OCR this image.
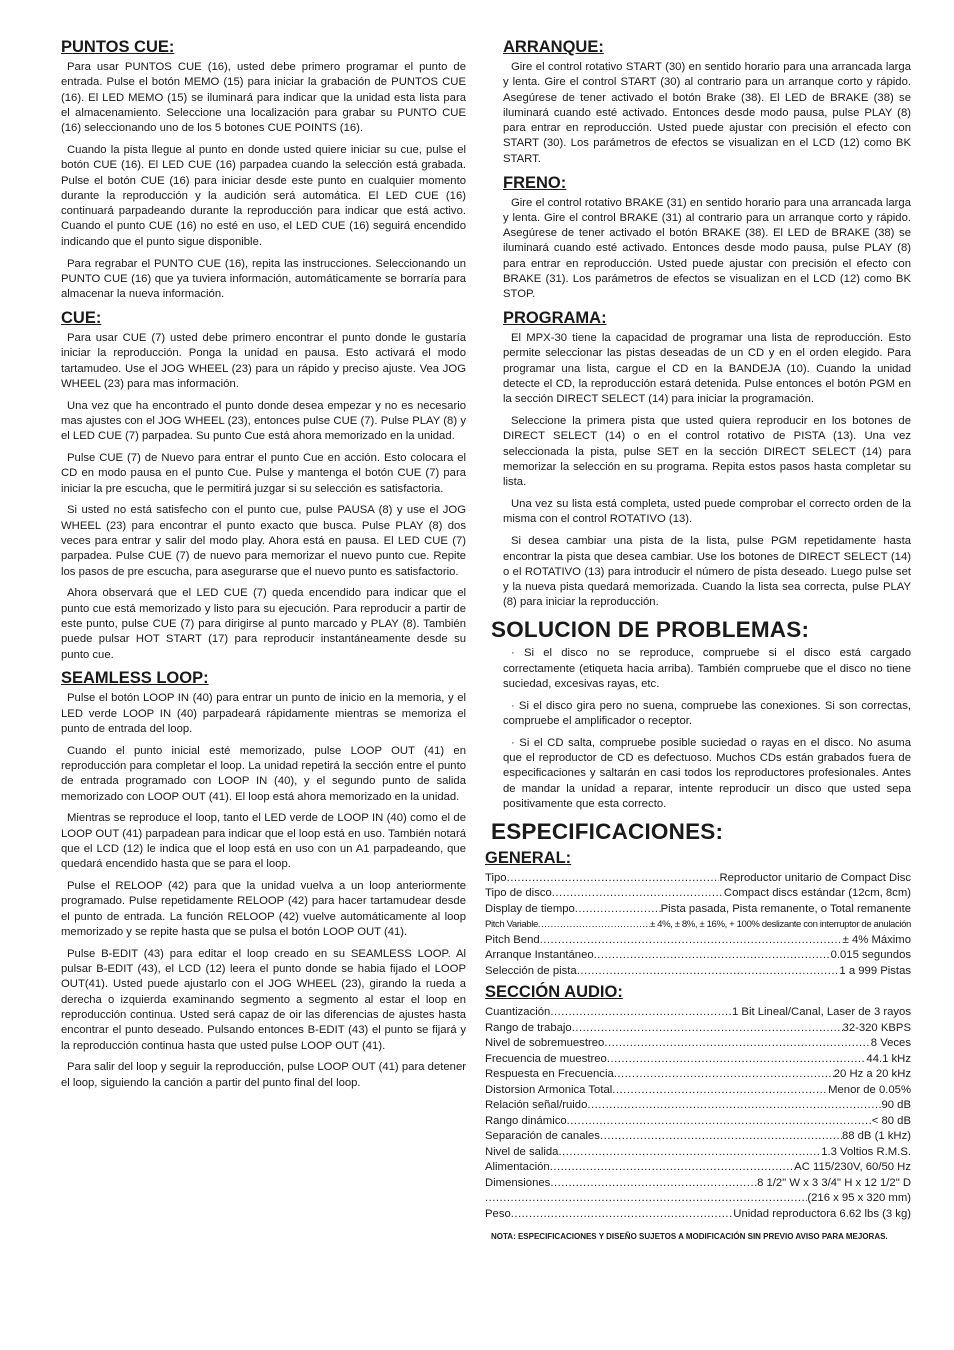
PUNTOS CUE:

Para usar PUNTOS CUE (16), usted debe primero programar el punto de entrada. Pulse el botón MEMO (15) para iniciar la grabación de PUNTOS CUE (16). El LED MEMO (15) se iluminará para indicar que la unidad esta lista para el almacenamiento. Seleccione una localización para grabar su PUNTO CUE (16) seleccionando uno de los 5 botones CUE POINTS (16).

Cuando la pista llegue al punto en donde usted quiere iniciar su cue, pulse el botón CUE (16). El LED CUE (16) parpadea cuando la selección está grabada. Pulse el botón CUE (16) para iniciar desde este punto en cualquier momento durante la reproducción y la audición será automática. El LED CUE (16) continuará parpadeando durante la reproducción para indicar que está activo. Cuando el punto CUE (16) no esté en uso, el LED CUE (16) seguirá encendido indicando que el punto sigue disponible.

Para regrabar el PUNTO CUE (16), repita las instrucciones. Seleccionando un PUNTO CUE (16) que ya tuviera información, automáticamente se borraría para almacenar la nueva información.

CUE:

Para usar CUE (7) usted debe primero encontrar el punto donde le gustaría iniciar la reproducción. Ponga la unidad en pausa. Esto activará el modo tartamudeo. Use el JOG WHEEL (23) para un rápido y preciso ajuste. Vea JOG WHEEL (23) para mas información.

Una vez que ha encontrado el punto donde desea empezar y no es necesario mas ajustes con el JOG WHEEL (23), entonces pulse CUE (7). Pulse PLAY (8) y el LED CUE (7) parpadea. Su punto Cue está ahora memorizado en la unidad.

Pulse CUE (7) de Nuevo para entrar el punto Cue en acción. Esto colocara el CD en modo pausa en el punto Cue. Pulse y mantenga el botón CUE (7) para iniciar la pre escucha, que le permitirá juzgar si su selección es satisfactoria.

Si usted no está satisfecho con el punto cue, pulse PAUSA (8) y use el JOG WHEEL (23) para encontrar el punto exacto que busca. Pulse PLAY (8) dos veces para entrar y salir del modo play. Ahora está en pausa. El LED CUE (7) parpadea. Pulse CUE (7) de nuevo para memorizar el nuevo punto cue. Repite los pasos de pre escucha, para asegurarse que el nuevo punto es satisfactorio.

Ahora observará que el LED CUE (7) queda encendido para indicar que el punto cue está memorizado y listo para su ejecución. Para reproducir a partir de este punto, pulse CUE (7) para dirigirse al punto marcado y PLAY (8). También puede pulsar HOT START (17) para reproducir instantáneamente desde su punto cue.

SEAMLESS LOOP:

Pulse el botón LOOP IN (40) para entrar un punto de inicio en la memoria, y el LED verde LOOP IN (40) parpadeará rápidamente mientras se memoriza el punto de entrada del loop.

Cuando el punto inicial esté memorizado, pulse LOOP OUT (41) en reproducción para completar el loop. La unidad repetirá la sección entre el punto de entrada programado con LOOP IN (40), y el segundo punto de salida memorizado con LOOP OUT (41). El loop está ahora memorizado en la unidad.

Mientras se reproduce el loop, tanto el LED verde de LOOP IN (40) como el de LOOP OUT (41) parpadean para indicar que el loop está en uso. También notará que el LCD (12) le indica que el loop está en uso con un A1 parpadeando, que quedará encendido hasta que se para el loop.

Pulse el RELOOP (42) para que la unidad vuelva a un loop anteriormente programado. Pulse repetidamente RELOOP (42) para hacer tartamudear desde el punto de entrada. La función RELOOP (42) vuelve automáticamente al loop memorizado y se repite hasta que se pulsa el botón LOOP OUT (41).

Pulse B-EDIT (43) para editar el loop creado en su SEAMLESS LOOP. Al pulsar B-EDIT (43), el LCD (12) leera el punto donde se habia fijado el LOOP OUT(41). Usted puede ajustarlo con el JOG WHEEL (23), girando la rueda a derecha o izquierda examinando segmento a segmento al estar el loop en reproducción continua. Usted será capaz de oir las diferencias de ajustes hasta encontrar el punto deseado. Pulsando entonces B-EDIT (43) el punto se fijará y la reproducción continua hasta que usted pulse LOOP OUT (41).

Para salir del loop y seguir la reproducción, pulse LOOP OUT (41) para detener el loop, siguiendo la canción a partir del punto final del loop.

ARRANQUE:

Gire el control rotativo START (30) en sentido horario para una arrancada larga y lenta. Gire el control START (30) al contrario para un arranque corto y rápido. Asegúrese de tener activado el botón Brake (38). El LED de BRAKE (38) se iluminará cuando esté activado. Entonces desde modo pausa, pulse PLAY (8) para entrar en reproducción. Usted puede ajustar con precisión el efecto con START (30). Los parámetros de efectos se visualizan en el LCD (12) como BK START.

FRENO:

Gire el control rotativo BRAKE (31) en sentido horario para una arrancada larga y lenta. Gire el control BRAKE (31) al contrario para un arranque corto y rápido. Asegúrese de tener activado el botón BRAKE (38). El LED de BRAKE (38) se iluminará cuando esté activado. Entonces desde modo pausa, pulse PLAY (8) para entrar en reproducción. Usted puede ajustar con precisión el efecto con BRAKE (31). Los parámetros de efectos se visualizan en el LCD (12) como BK STOP.

PROGRAMA:

El MPX-30 tiene la capacidad de programar una lista de reproducción. Esto permite seleccionar las pistas deseadas de un CD y en el orden elegido. Para programar una lista, cargue el CD en la BANDEJA (10). Cuando la unidad detecte el CD, la reproducción estará detenida. Pulse entonces el botón PGM en la sección DIRECT SELECT (14) para iniciar la programación.

Seleccione la primera pista que usted quiera reproducir en los botones de DIRECT SELECT (14) o en el control rotativo de PISTA (13). Una vez seleccionada la pista, pulse SET en la sección DIRECT SELECT (14) para memorizar la selección en su programa. Repita estos pasos hasta completar su lista.

Una vez su lista está completa, usted puede comprobar el correcto orden de la misma con el control ROTATIVO (13).

Si desea cambiar una pista de la lista, pulse PGM repetidamente hasta encontrar la pista que desea cambiar. Use los botones de DIRECT SELECT (14) o el ROTATIVO (13) para introducir el número de pista deseado. Luego pulse set y la nueva pista quedará memorizada. Cuando la lista sea correcta, pulse PLAY (8) para iniciar la reproducción.

SOLUCION DE PROBLEMAS:

· Si el disco no se reproduce, compruebe si el disco está cargado correctamente (etiqueta hacia arriba). También compruebe que el disco no tiene suciedad, excesivas rayas, etc.

· Si el disco gira pero no suena, compruebe las conexiones. Si son correctas, compruebe el amplificador o receptor.

· Si el CD salta, compruebe posible suciedad o rayas en el disco. No asuma que el reproductor de CD es defectuoso. Muchos CDs están grabados fuera de especificaciones y saltarán en casi todos los reproductores profesionales. Antes de mandar la unidad a reparar, intente reproducir un disco que usted sepa positivamente que esta correcto.

ESPECIFICACIONES:
GENERAL:
Tipo .....	Reproductor unitario de Compact Disc
Tipo de disco .....	Compact discs estándar (12cm, 8cm)
Display de tiempo .....	Pista pasada, Pista remanente, o Total remanente
Pitch Variable .....	± 4%, ± 8%, ± 16%, + 100% deslizante con interruptor de anulación
Pitch Bend .....	± 4% Máximo
Arranque Instantáneo .....	0.015 segundos
Selección de pista .....	1 a 999 Pistas
SECCIÓN AUDIO:
Cuantización .....	1 Bit Lineal/Canal, Laser de 3 rayos
Rango de trabajo .....	32-320 KBPS
Nivel de sobremuestreo .....	8 Veces
Frecuencia de muestreo .....	44.1 kHz
Respuesta en Frecuencia .....	20 Hz a 20 kHz
Distorsion Armonica Total .....	Menor de 0.05%
Relación señal/ruido .....	90 dB
Rango dinámico .....	< 80 dB
Separación de canales .....	88 dB (1 kHz)
Nivel de salida .....	1.3 Voltios R.M.S.
Alimentación .....	AC 115/230V, 60/50 Hz
Dimensiones .....	8 1/2" W x 3 3/4" H x 12 1/2" D
.....
(216 x 95 x 320 mm)
Peso .....	Unidad reproductora 6.62 lbs (3 kg)
NOTA: ESPECIFICACIONES Y DISEÑO SUJETOS A MODIFICACIÓN SIN PREVIO AVISO PARA MEJORAS.
